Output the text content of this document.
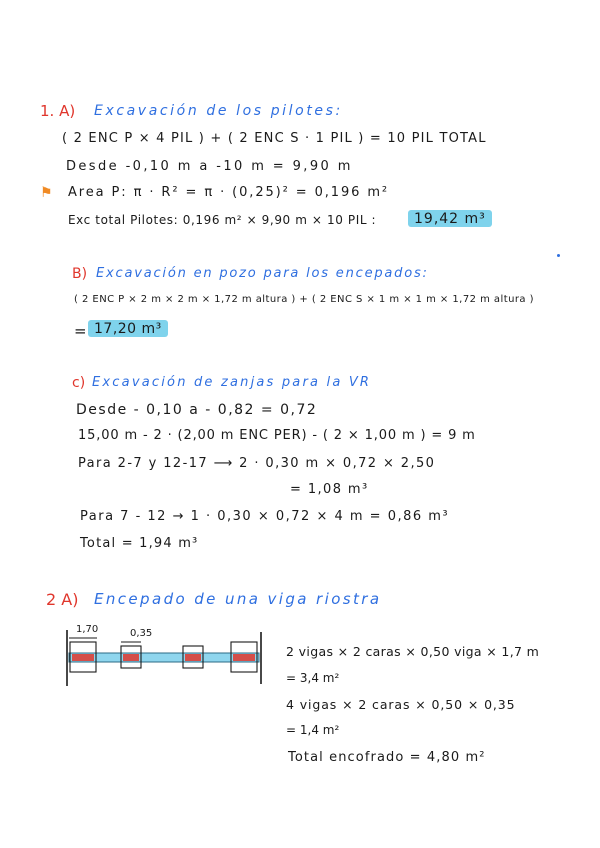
1. A) Excavación de los pilotes:
( 2 ENC P × 4 PIL ) + ( 2 ENC S · 1 PIL ) = 10 PIL TOTAL
Desde -0,10 m a -10 m = 9,90 m
⚑ Area P: π · R² = π · (0,25)² = 0,196 m²
Exc total Pilotes: 0,196 m² × 9,90 m × 10 PIL :	19,42 m³
B) Excavación en pozo para los encepados:
( 2 ENC P × 2 m × 2 m × 1,72 m altura ) + ( 2 ENC S × 1 m × 1 m × 1,72 m altura )
= 17,20 m³
c) Excavación de zanjas para la VR
Desde - 0,10 a - 0,82 = 0,72
15,00 m - 2 · (2,00 m ENC PER) - ( 2 × 1,00 m ) = 9 m
Para 2-7 y 12-17 ⟶ 2 · 0,30 m × 0,72 × 2,50
= 1,08 m³
Para 7 - 12 → 1 · 0,30 × 0,72 × 4 m = 0,86 m³
Total = 1,94 m³
2 A) Encepado de una viga riostra
1,70	0,35
2 vigas × 2 caras × 0,50 viga × 1,7 m
= 3,4 m²
4 vigas × 2 caras × 0,50 × 0,35
= 1,4 m²
Total encofrado = 4,80 m²
